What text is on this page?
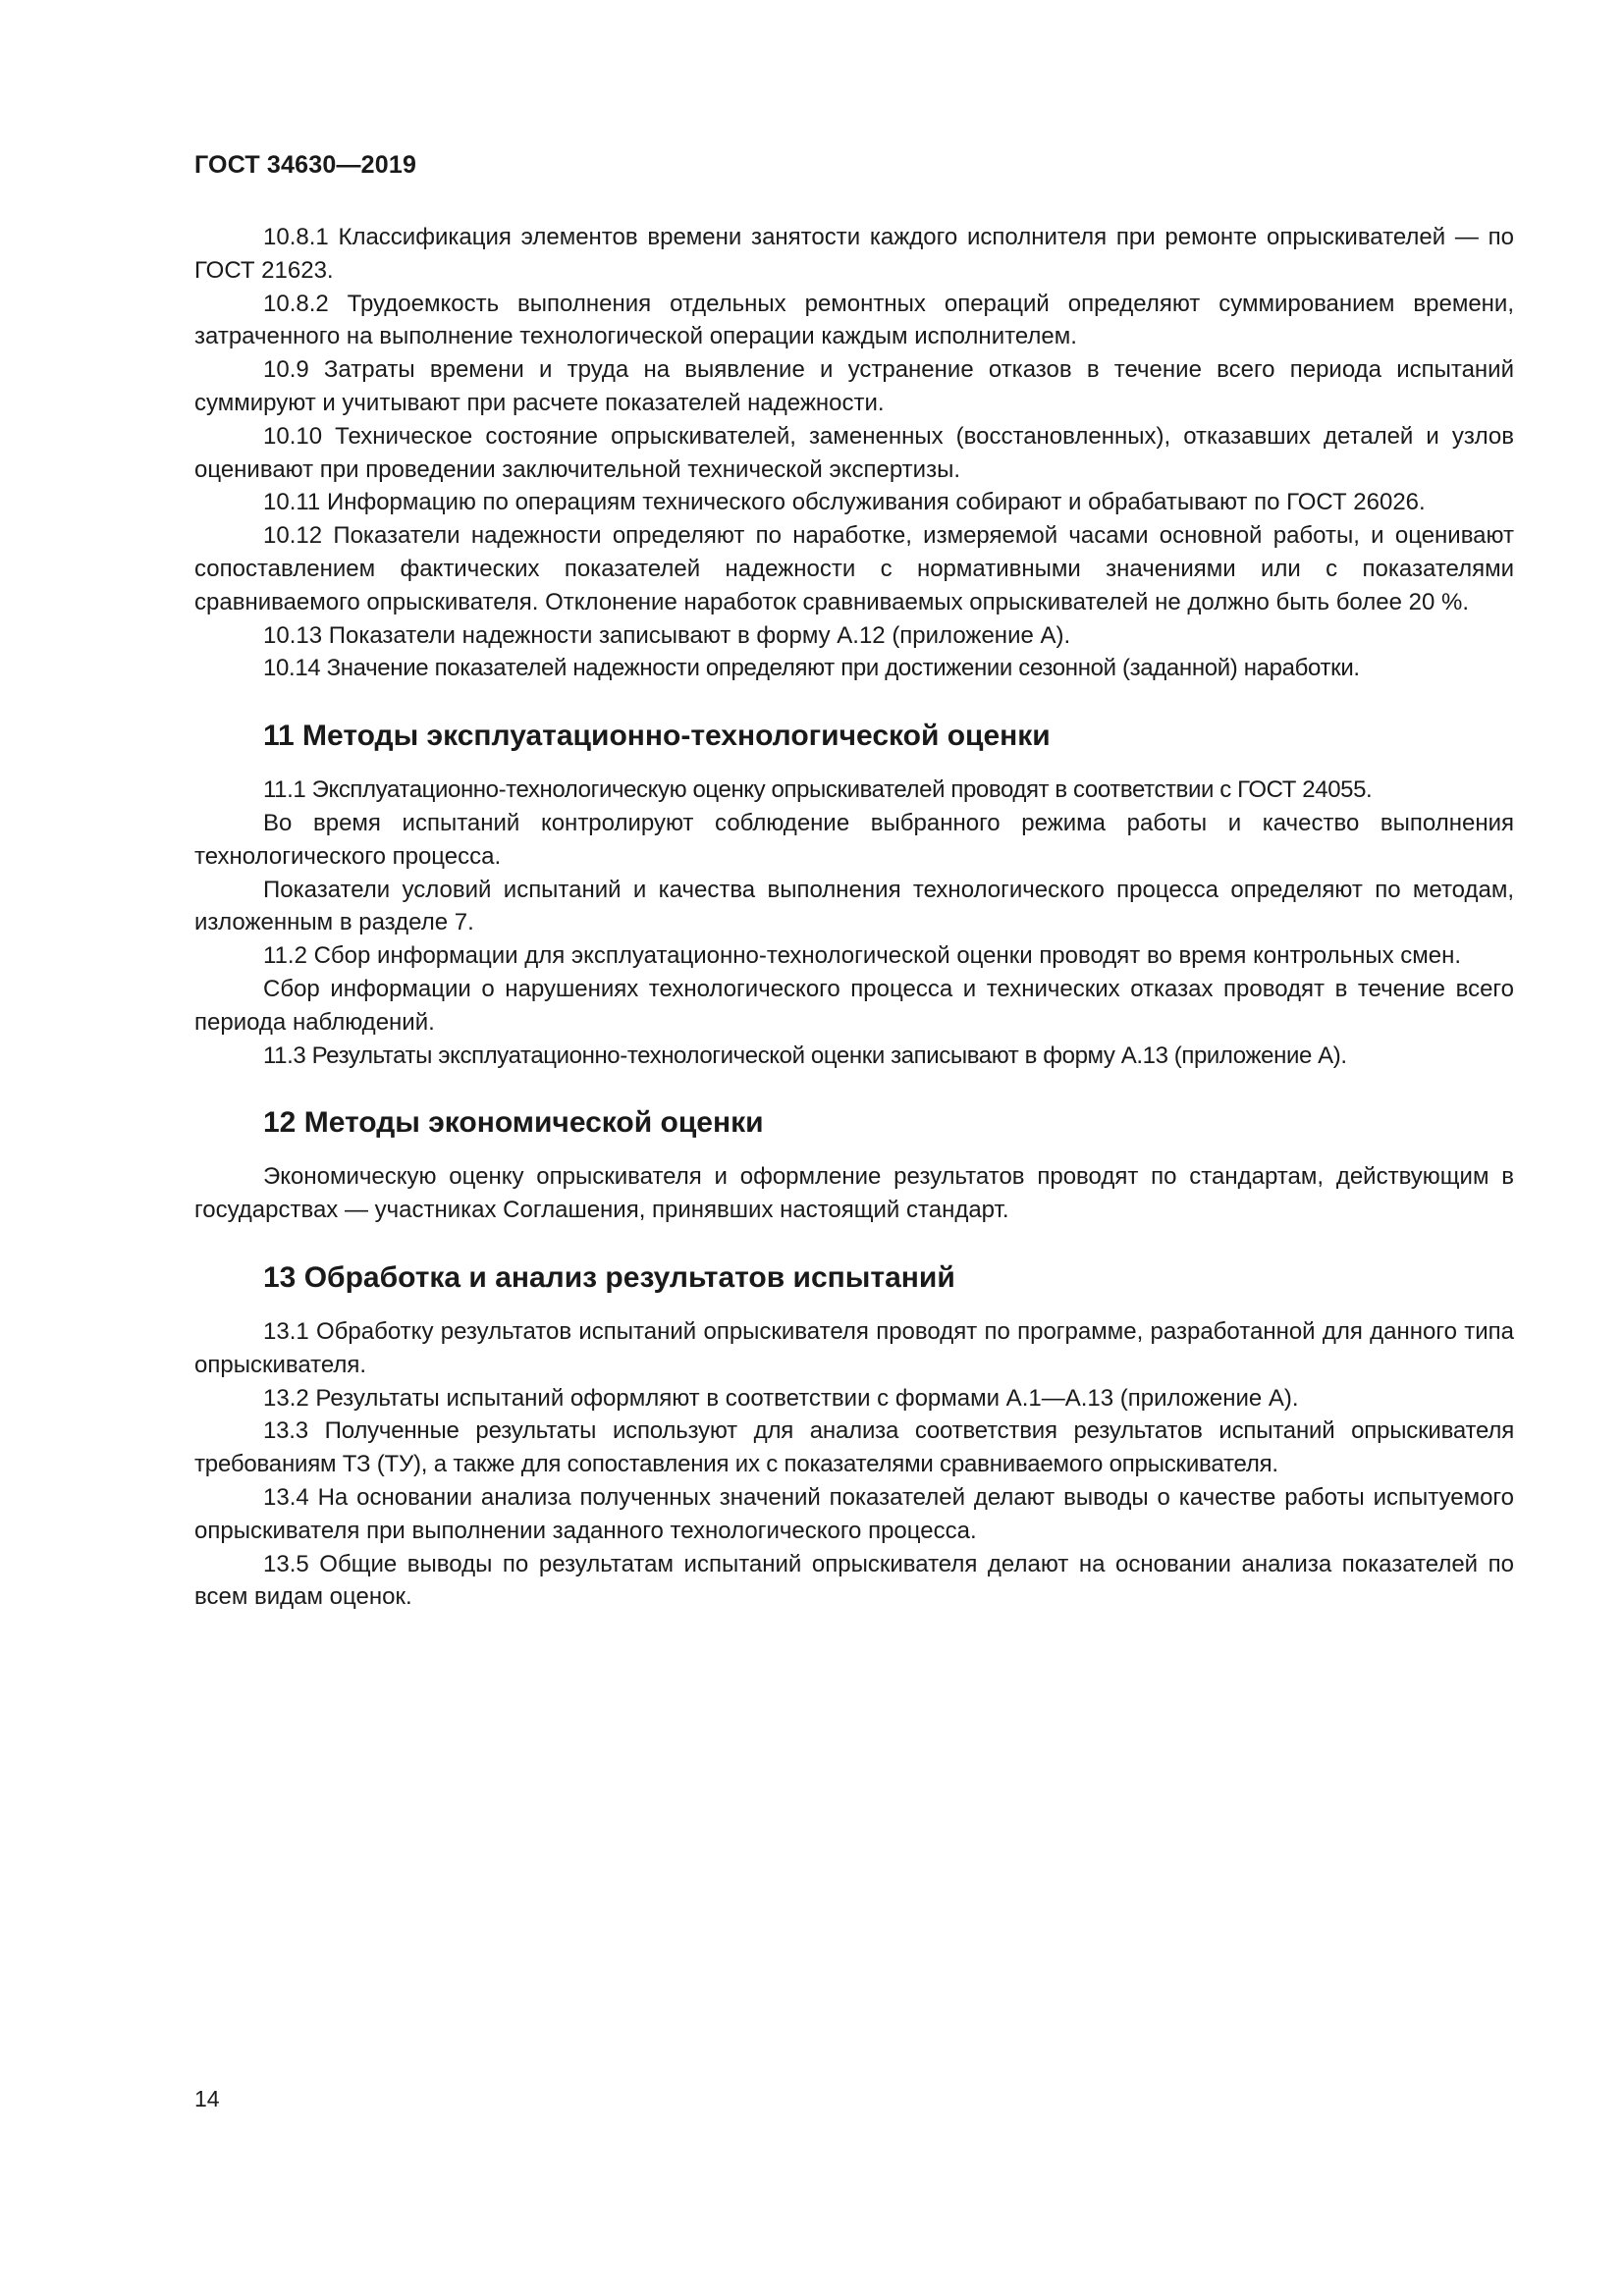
ГОСТ 34630—2019

10.8.1 Классификация элементов времени занятости каждого исполнителя при ремонте опрыскивателей — по ГОСТ 21623.

10.8.2 Трудоемкость выполнения отдельных ремонтных операций определяют суммированием времени, затраченного на выполнение технологической операции каждым исполнителем.

10.9 Затраты времени и труда на выявление и устранение отказов в течение всего периода испытаний суммируют и учитывают при расчете показателей надежности.

10.10 Техническое состояние опрыскивателей, замененных (восстановленных), отказавших деталей и узлов оценивают при проведении заключительной технической экспертизы.

10.11 Информацию по операциям технического обслуживания собирают и обрабатывают по ГОСТ 26026.

10.12 Показатели надежности определяют по наработке, измеряемой часами основной работы, и оценивают сопоставлением фактических показателей надежности с нормативными значениями или с показателями сравниваемого опрыскивателя. Отклонение наработок сравниваемых опрыскивателей не должно быть более 20 %.

10.13 Показатели надежности записывают в форму А.12 (приложение А).

10.14 Значение показателей надежности определяют при достижении сезонной (заданной) наработки.

11 Методы эксплуатационно-технологической оценки

11.1 Эксплуатационно-технологическую оценку опрыскивателей проводят в соответствии с ГОСТ 24055.

Во время испытаний контролируют соблюдение выбранного режима работы и качество выполнения технологического процесса.

Показатели условий испытаний и качества выполнения технологического процесса определяют по методам, изложенным в разделе 7.

11.2 Сбор информации для эксплуатационно-технологической оценки проводят во время контрольных смен.

Сбор информации о нарушениях технологического процесса и технических отказах проводят в течение всего периода наблюдений.

11.3 Результаты эксплуатационно-технологической оценки записывают в форму А.13 (приложение А).

12 Методы экономической оценки

Экономическую оценку опрыскивателя и оформление результатов проводят по стандартам, действующим в государствах — участниках Соглашения, принявших настоящий стандарт.

13 Обработка и анализ результатов испытаний

13.1 Обработку результатов испытаний опрыскивателя проводят по программе, разработанной для данного типа опрыскивателя.

13.2 Результаты испытаний оформляют в соответствии с формами А.1—А.13 (приложение А).

13.3 Полученные результаты используют для анализа соответствия результатов испытаний опрыскивателя требованиям ТЗ (ТУ), а также для сопоставления их с показателями сравниваемого опрыскивателя.

13.4 На основании анализа полученных значений показателей делают выводы о качестве работы испытуемого опрыскивателя при выполнении заданного технологического процесса.

13.5 Общие выводы по результатам испытаний опрыскивателя делают на основании анализа показателей по всем видам оценок.

14
